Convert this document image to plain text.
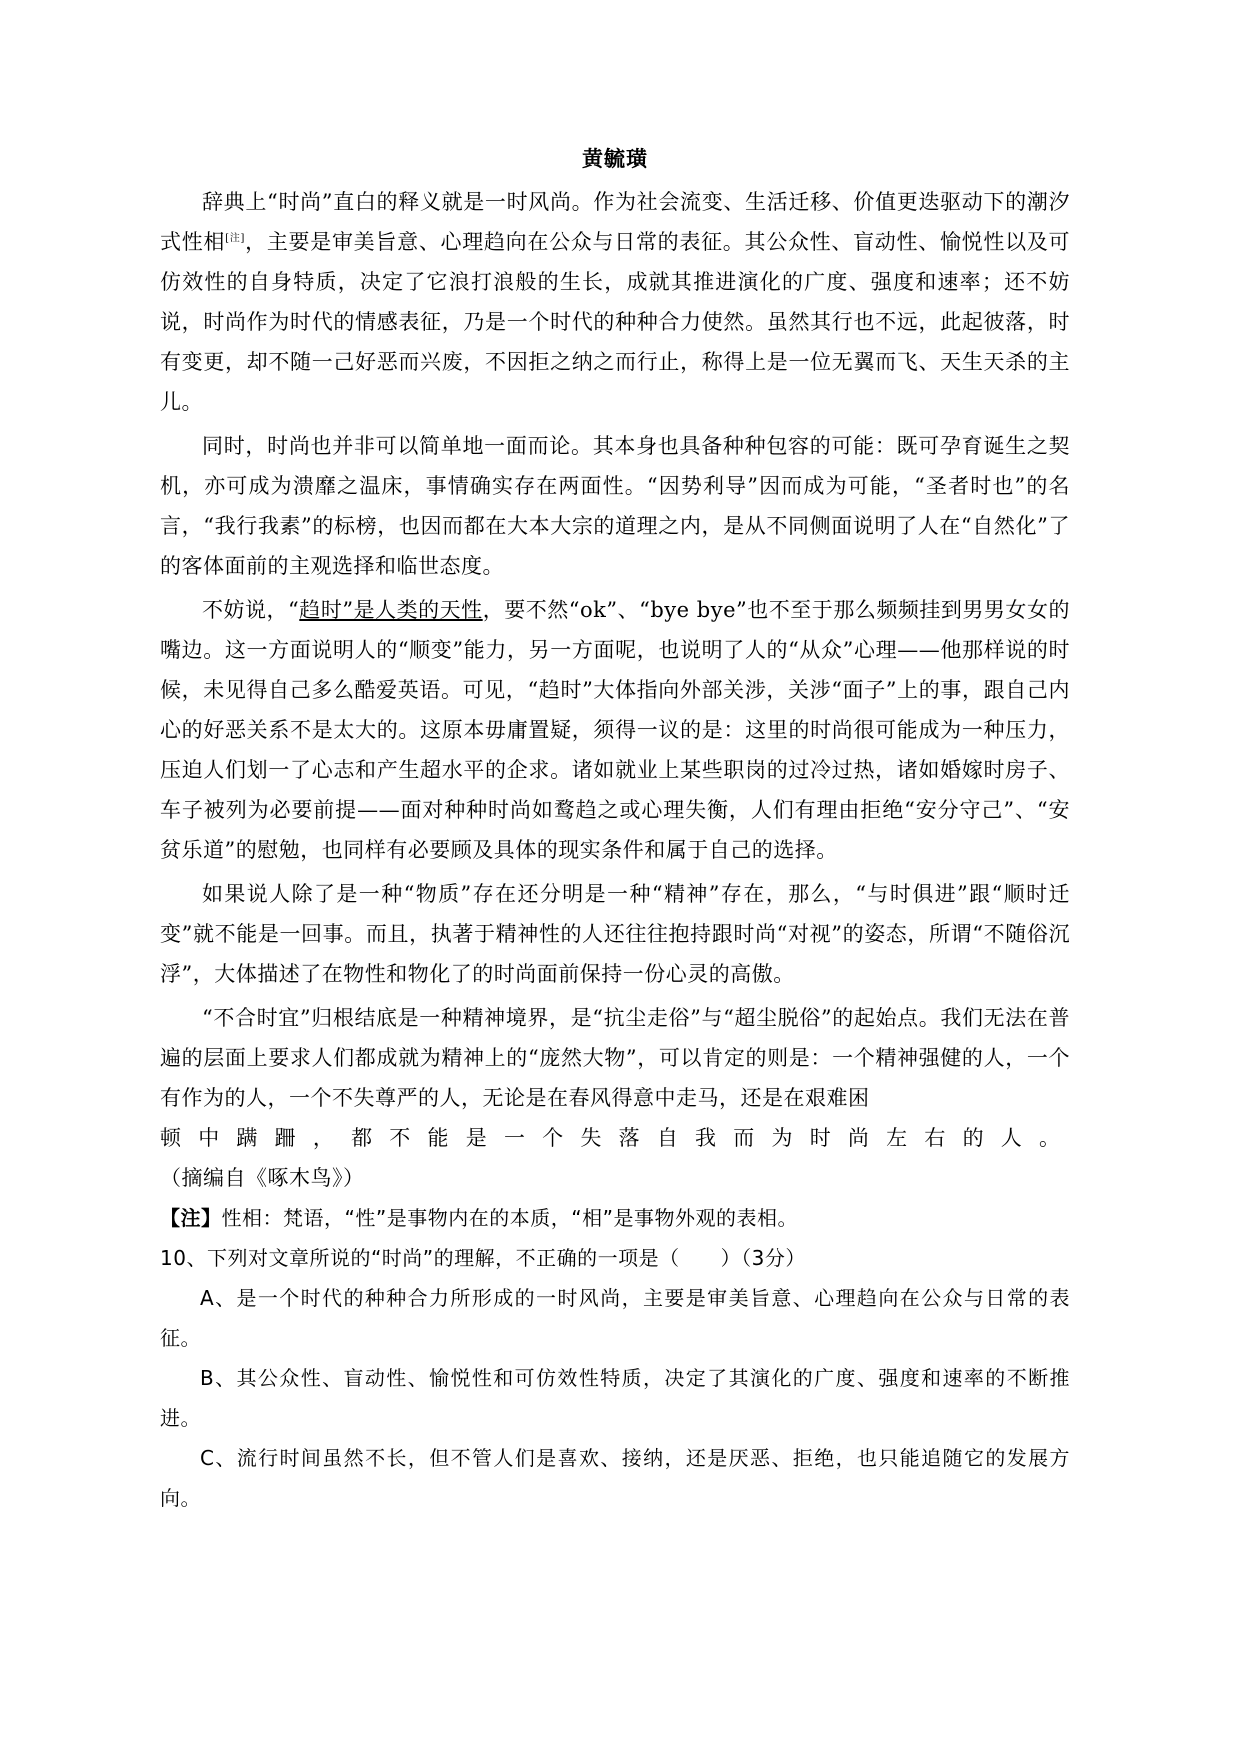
黄毓璜

辞典上“时尚”直白的释义就是一时风尚。作为社会流变、生活迁移、价值更迭驱动下的潮汐式性相[注]，主要是审美旨意、心理趋向在公众与日常的表征。其公众性、盲动性、愉悦性以及可仿效性的自身特质，决定了它浪打浪般的生长，成就其推进演化的广度、强度和速率；还不妨说，时尚作为时代的情感表征，乃是一个时代的种种合力使然。虽然其行也不远，此起彼落，时有变更，却不随一己好恶而兴废，不因拒之纳之而行止，称得上是一位无翼而飞、天生天杀的主儿。

同时，时尚也并非可以简单地一面而论。其本身也具备种种包容的可能：既可孕育诞生之契机，亦可成为溃靡之温床，事情确实存在两面性。“因势利导”因而成为可能，“圣者时也”的名言，“我行我素”的标榜，也因而都在大本大宗的道理之内，是从不同侧面说明了人在“自然化”了的客体面前的主观选择和临世态度。

不妨说，“趋时”是人类的天性，要不然“ok”、“bye bye”也不至于那么频频挂到男男女女的嘴边。这一方面说明人的“顺变”能力，另一方面呢，也说明了人的“从众”心理——他那样说的时候，未见得自己多么酷爱英语。可见，“趋时”大体指向外部关涉，关涉“面子”上的事，跟自己内心的好恶关系不是太大的。这原本毋庸置疑，须得一议的是：这里的时尚很可能成为一种压力，压迫人们划一了心志和产生超水平的企求。诸如就业上某些职岗的过冷过热，诸如婚嫁时房子、车子被列为必要前提——面对种种时尚如鹜趋之或心理失衡，人们有理由拒绝“安分守己”、“安贫乐道”的慰勉，也同样有必要顾及具体的现实条件和属于自己的选择。

如果说人除了是一种“物质”存在还分明是一种“精神”存在，那么，“与时俱进”跟“顺时迁变”就不能是一回事。而且，执著于精神性的人还往往抱持跟时尚“对视”的姿态，所谓“不随俗沉浮”，大体描述了在物性和物化了的时尚面前保持一份心灵的高傲。

“不合时宜”归根结底是一种精神境界，是“抗尘走俗”与“超尘脱俗”的起始点。我们无法在普遍的层面上要求人们都成就为精神上的“庞然大物”，可以肯定的则是：一个精神强健的人，一个有作为的人，一个不失尊严的人，无论是在春风得意中走马，还是在艰难困

顿中蹒跚，都不能是一个失落自我而为时尚左右的人。

（摘编自《啄木鸟》）

【注】性相：梵语，“性”是事物内在的本质，“相”是事物外观的表相。

10、下列对文章所说的“时尚”的理解，不正确的一项是（　　）（3分）

A、是一个时代的种种合力所形成的一时风尚，主要是审美旨意、心理趋向在公众与日常的表征。

B、其公众性、盲动性、愉悦性和可仿效性特质，决定了其演化的广度、强度和速率的不断推进。

C、流行时间虽然不长，但不管人们是喜欢、接纳，还是厌恶、拒绝，也只能追随它的发展方向。
